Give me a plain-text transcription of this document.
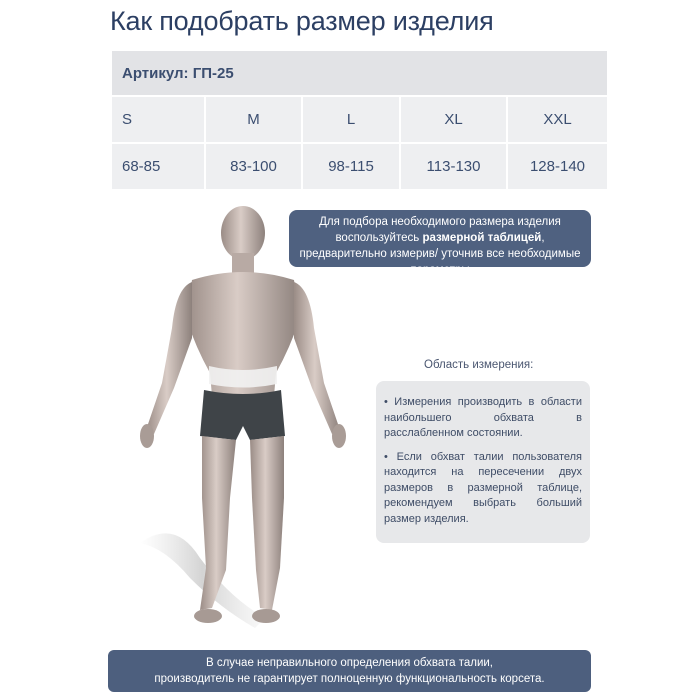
Как подобрать размер изделия
Артикул: ГП-25				
S	M	L	XL	XXL
68-85	83-100	98-115	113-130	128-140
Для подбора необходимого размера изделия воспользуйтесь размерной таблицей, предварительно измерив/ уточнив все необходимые параметры
Область измерения:

• Измерения производить в области наибольшего обхвата в расслабленном состоянии.

• Если обхват талии пользователя находится на пересечении двух размеров в размерной таблице, рекомендуем выбрать больший размер изделия.

В случае неправильного определения обхвата талии,
производитель не гарантирует полноценную функциональность корсета.
